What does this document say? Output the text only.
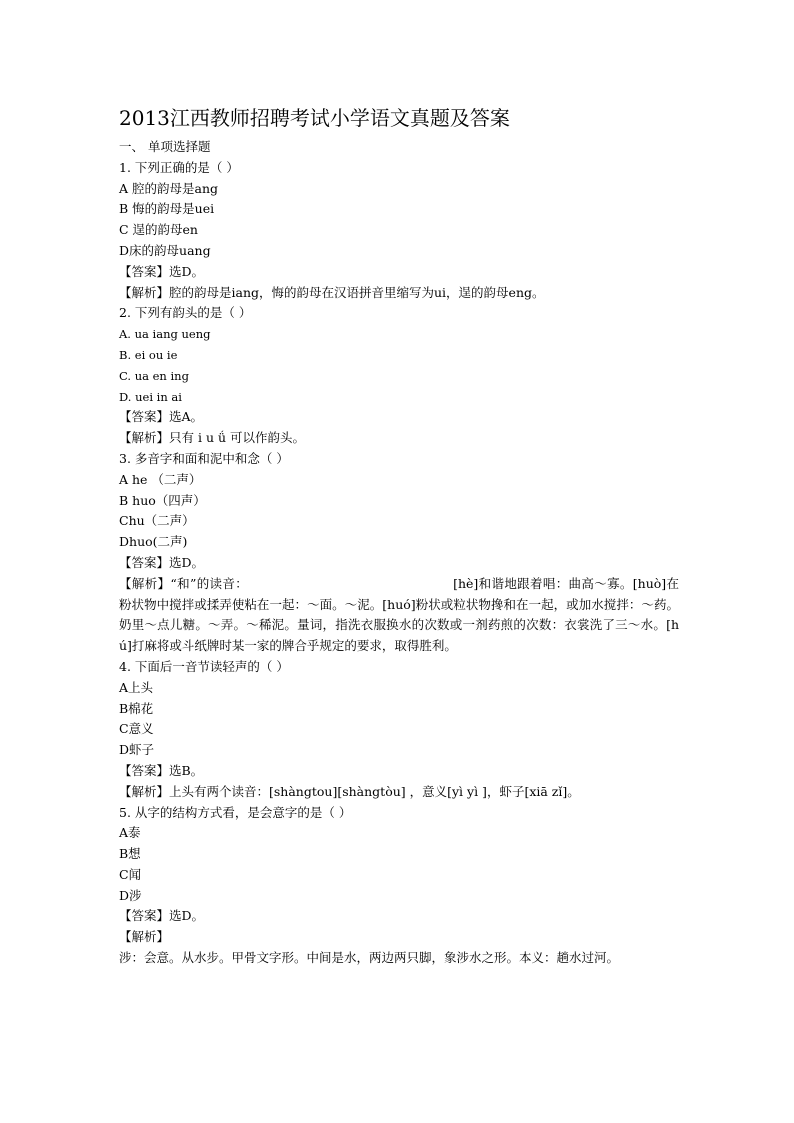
2013江西教师招聘考试小学语文真题及答案
一、 单项选择题
1. 下列正确的是（ ）
A 腔的韵母是ang
B 悔的韵母是uei
C 逞的韵母en
D床的韵母uang
【答案】选D。
【解析】腔的韵母是iang，悔的韵母在汉语拼音里缩写为ui，逞的韵母eng。
2. 下列有韵头的是（ ）
A. ua iang ueng
B. ei ou ie
C. ua en ing
D. uei in ai
【答案】选A。
【解析】只有 i u ǘ 可以作韵头。
3. 多音字和面和泥中和念（ ）
A he （二声）
B huo（四声）
Chu（二声）
Dhuo(二声)
【答案】选D。
【解析】“和”的读音：	[hè]和谐地跟着唱：曲高～寡。[huò]在粉状物中搅拌或揉弄使粘在一起：～面。～泥。[huó]粉状或粒状物搀和在一起，或加水搅拌：～药。奶里～点儿糖。～弄。～稀泥。量词，指洗衣服换水的次数或一剂药煎的次数：衣裳洗了三～水。[hú]打麻将或斗纸牌时某一家的牌合乎规定的要求，取得胜利。
4. 下面后一音节读轻声的（ ）
A上头
B棉花
C意义
D虾子
【答案】选B。
【解析】上头有两个读音：[shàngtou][shàngtòu] ，意义[yì yì ]，虾子[xiā zǐ]。
5. 从字的结构方式看，是会意字的是（ ）
A泰
B想
C闻
D涉
【答案】选D。
【解析】
涉：会意。从水步。甲骨文字形。中间是水，两边两只脚，象涉水之形。本义：趟水过河。
